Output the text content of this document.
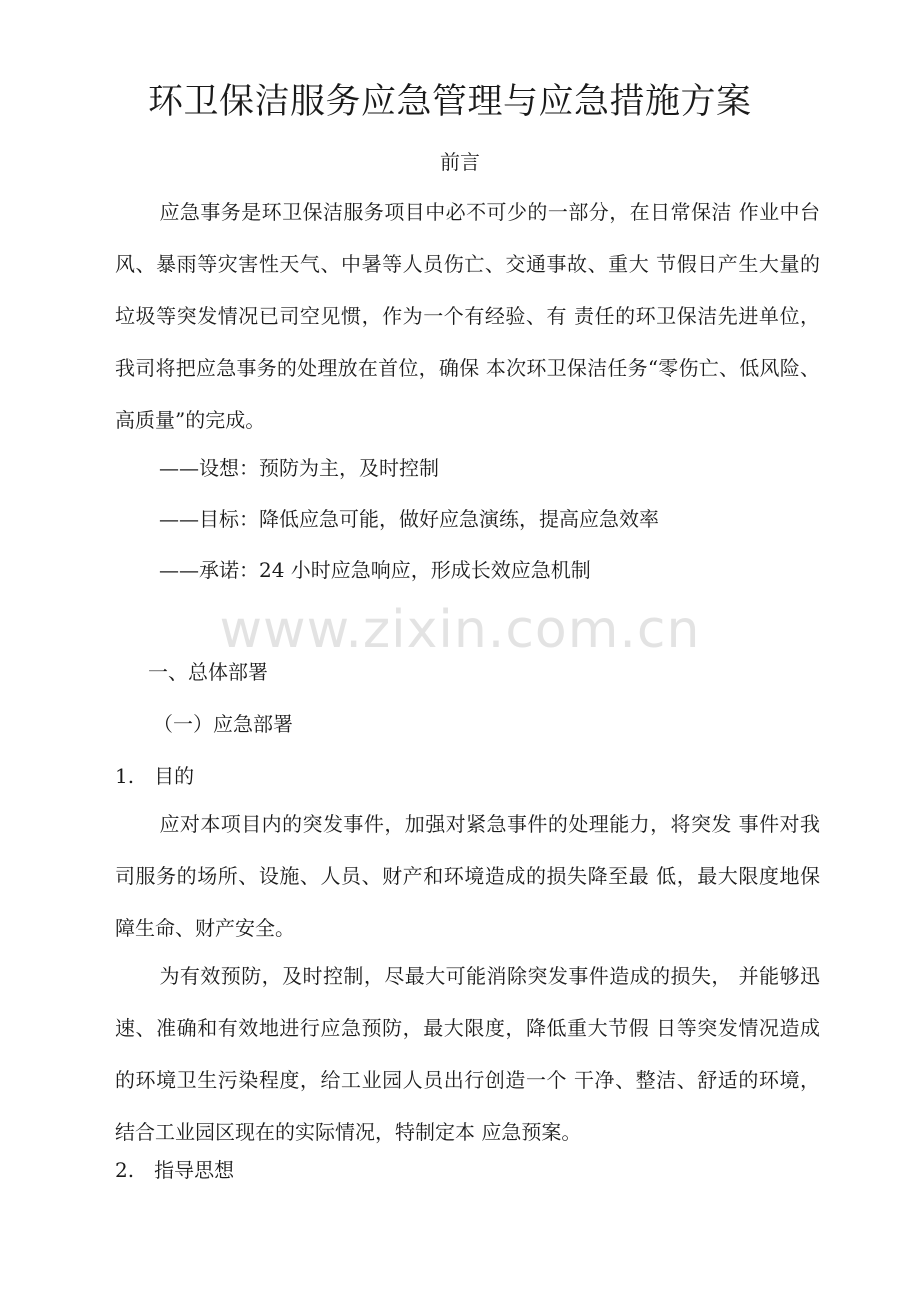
环卫保洁服务应急管理与应急措施方案
前言

应急事务是环卫保洁服务项目中必不可少的一部分，在日常保洁 作业中台风、暴雨等灾害性天气、中暑等人员伤亡、交通事故、重大 节假日产生大量的垃圾等突发情况已司空见惯，作为一个有经验、有 责任的环卫保洁先进单位，我司将把应急事务的处理放在首位，确保 本次环卫保洁任务“零伤亡、低风险、高质量”的完成。

——设想：预防为主，及时控制

——目标：降低应急可能，做好应急演练，提高应急效率

——承诺：24 小时应急响应，形成长效应急机制

www.zixin.com.cn

一、总体部署

（一）应急部署

1.　目的

应对本项目内的突发事件，加强对紧急事件的处理能力，将突发 事件对我司服务的场所、设施、人员、财产和环境造成的损失降至最 低，最大限度地保障生命、财产安全。

为有效预防，及时控制，尽最大可能消除突发事件造成的损失， 并能够迅速、准确和有效地进行应急预防，最大限度，降低重大节假 日等突发情况造成的环境卫生污染程度，给工业园人员出行创造一个 干净、整洁、舒适的环境，结合工业园区现在的实际情况，特制定本 应急预案。

2.　指导思想
